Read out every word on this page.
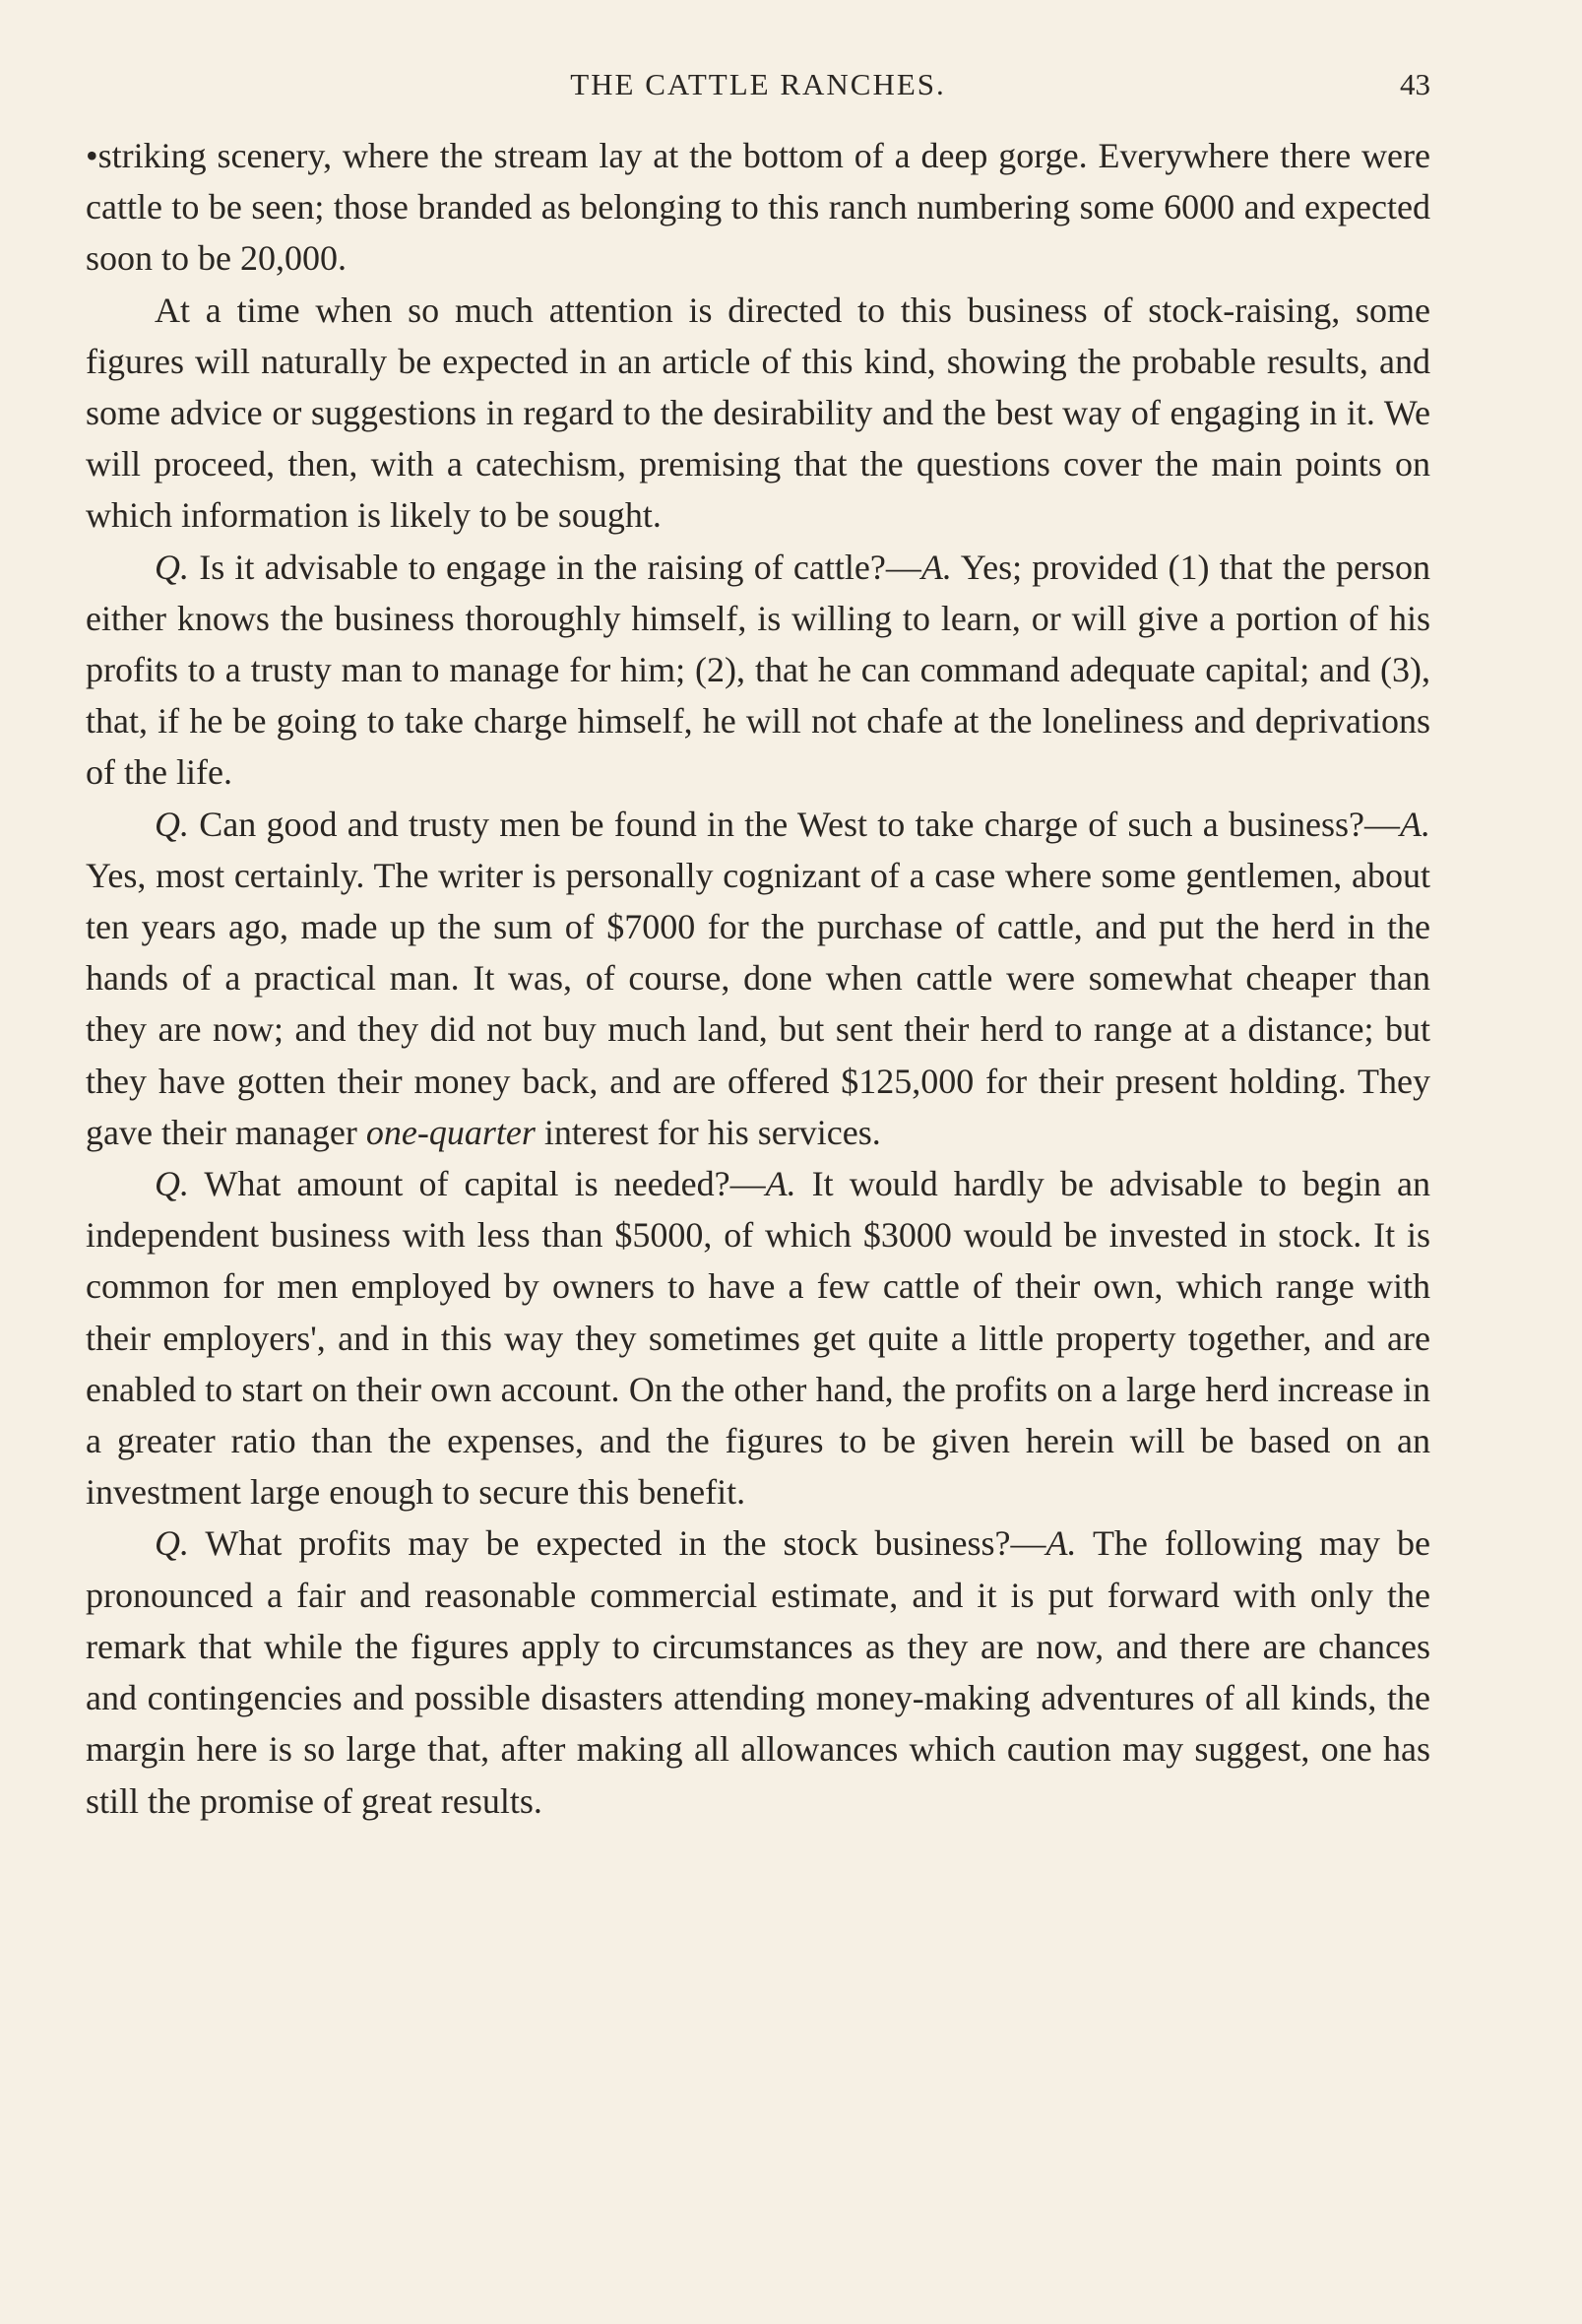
THE CATTLE RANCHES.	43

•striking scenery, where the stream lay at the bottom of a deep gorge. Everywhere there were cattle to be seen; those branded as belonging to this ranch numbering some 6000 and expected soon to be 20,000.

At a time when so much attention is directed to this business of stock-raising, some figures will naturally be expected in an article of this kind, showing the probable results, and some advice or suggestions in regard to the desirability and the best way of engaging in it. We will proceed, then, with a catechism, premising that the questions cover the main points on which information is likely to be sought.

Q. Is it advisable to engage in the raising of cattle?—A. Yes; provided (1) that the person either knows the business thoroughly himself, is willing to learn, or will give a portion of his profits to a trusty man to manage for him; (2), that he can command adequate capital; and (3), that, if he be going to take charge himself, he will not chafe at the loneliness and deprivations of the life.

Q. Can good and trusty men be found in the West to take charge of such a business?—A. Yes, most certainly. The writer is personally cognizant of a case where some gentlemen, about ten years ago, made up the sum of $7000 for the purchase of cattle, and put the herd in the hands of a practical man. It was, of course, done when cattle were somewhat cheaper than they are now; and they did not buy much land, but sent their herd to range at a distance; but they have gotten their money back, and are offered $125,000 for their present holding. They gave their manager one-quarter interest for his services.

Q. What amount of capital is needed?—A. It would hardly be advisable to begin an independent business with less than $5000, of which $3000 would be invested in stock. It is common for men employed by owners to have a few cattle of their own, which range with their employers', and in this way they sometimes get quite a little property together, and are enabled to start on their own account. On the other hand, the profits on a large herd increase in a greater ratio than the expenses, and the figures to be given herein will be based on an investment large enough to secure this benefit.

Q. What profits may be expected in the stock business?—A. The following may be pronounced a fair and reasonable commercial estimate, and it is put forward with only the remark that while the figures apply to circumstances as they are now, and there are chances and contingencies and possible disasters attending money-making adventures of all kinds, the margin here is so large that, after making all allowances which caution may suggest, one has still the promise of great results.
